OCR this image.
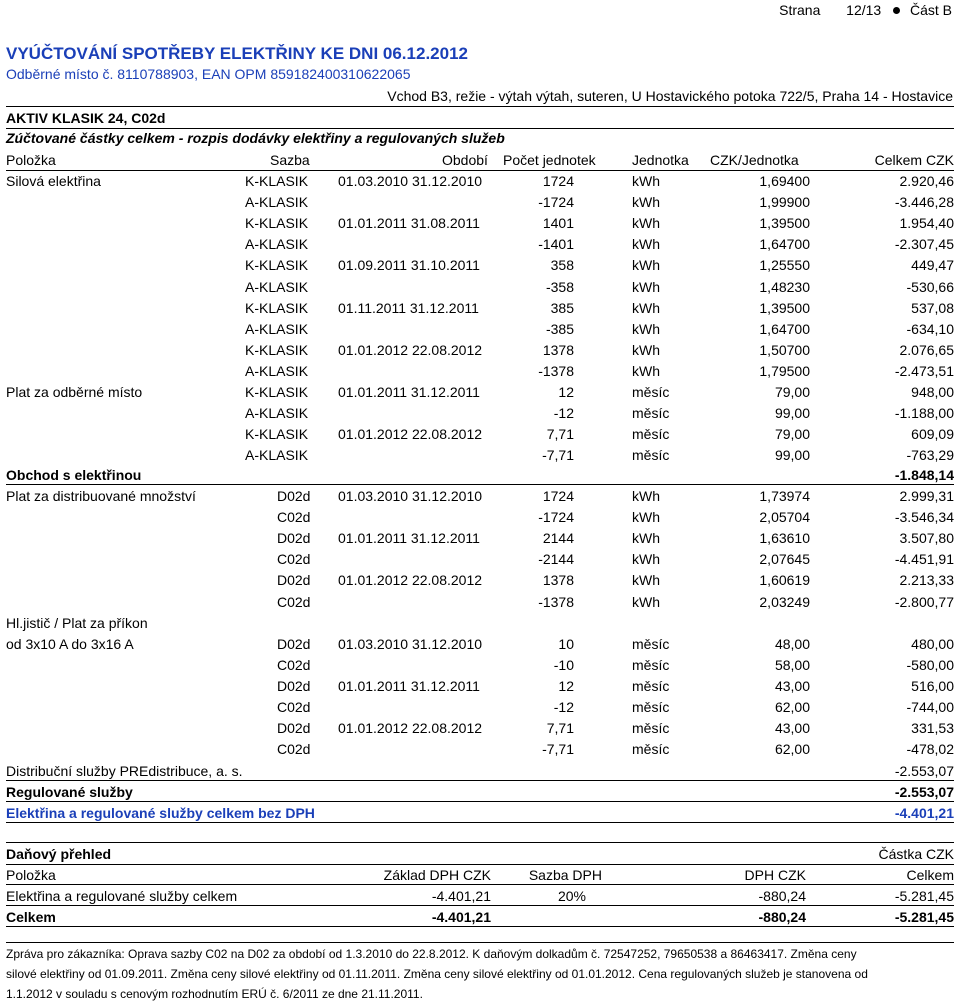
Strana 12/13 Část B
VYÚČTOVÁNÍ SPOTŘEBY ELEKTŘINY KE DNI 06.12.2012
Odběrné místo č. 8110788903, EAN OPM 859182400310622065
Vchod B3, režie - výtah výtah, suteren, U Hostavického potoka 722/5, Praha 14 - Hostavice
AKTIV KLASIK 24, C02d
Zúčtované částky celkem - rozpis dodávky elektřiny a regulovaných služeb
Položka	Sazba	Období Počet jednotek	Jednotka CZK/Jednotka	Celkem CZK
Silová elektřina	K-KLASIK 01.03.2010 31.12.2010	1724	kWh	1,69400	2.920,46
A-KLASIK	-1724	kWh	1,99900	-3.446,28
K-KLASIK 01.01.2011 31.08.2011	1401	kWh	1,39500	1.954,40
A-KLASIK	-1401	kWh	1,64700	-2.307,45
K-KLASIK 01.09.2011 31.10.2011	358	kWh	1,25550	449,47
A-KLASIK	-358	kWh	1,48230	-530,66
K-KLASIK 01.11.2011 31.12.2011	385	kWh	1,39500	537,08
A-KLASIK	-385	kWh	1,64700	-634,10
K-KLASIK 01.01.2012 22.08.2012	1378	kWh	1,50700	2.076,65
A-KLASIK	-1378	kWh	1,79500	-2.473,51
Plat za odběrné místo	K-KLASIK 01.01.2011 31.12.2011	12	měsíc	79,00	948,00
A-KLASIK	-12	měsíc	99,00	-1.188,00
K-KLASIK 01.01.2012 22.08.2012	7,71	měsíc	79,00	609,09
A-KLASIK	-7,71	měsíc	99,00	-763,29
Obchod s elektřinou	-1.848,14
Plat za distribuované množství	D02d 01.03.2010 31.12.2010	1724	kWh	1,73974	2.999,31
C02d	-1724	kWh	2,05704	-3.546,34
D02d 01.01.2011 31.12.2011	2144	kWh	1,63610	3.507,80
C02d	-2144	kWh	2,07645	-4.451,91
D02d 01.01.2012 22.08.2012	1378	kWh	1,60619	2.213,33
C02d	-1378	kWh	2,03249	-2.800,77
Hl.jistič / Plat za příkon
od 3x10 A do 3x16 A	D02d 01.03.2010 31.12.2010	10	měsíc	48,00	480,00
C02d	-10	měsíc	58,00	-580,00
D02d 01.01.2011 31.12.2011	12	měsíc	43,00	516,00
C02d	-12	měsíc	62,00	-744,00
D02d 01.01.2012 22.08.2012	7,71	měsíc	43,00	331,53
C02d	-7,71	měsíc	62,00	-478,02
Distribuční služby PREdistribuce, a. s.	-2.553,07
Regulované služby	-2.553,07
Elektřina a regulované služby celkem bez DPH	-4.401,21
Daňový přehled	Částka CZK
Položka	Základ DPH CZK	Sazba DPH	DPH CZK	Celkem
Elektřina a regulované služby celkem	-4.401,21	20%	-880,24	-5.281,45
Celkem	-4.401,21	-880,24	-5.281,45
Zpráva pro zákazníka: Oprava sazby C02 na D02 za období od 1.3.2010 do 22.8.2012. K daňovým dolkadům č. 72547252, 79650538 a 86463417. Změna ceny
silové elektřiny od 01.09.2011. Změna ceny silové elektřiny od 01.11.2011. Změna ceny silové elektřiny od 01.01.2012. Cena regulovaných služeb je stanovena od
1.1.2012 v souladu s cenovým rozhodnutím ERÚ č. 6/2011 ze dne 21.11.2011.
